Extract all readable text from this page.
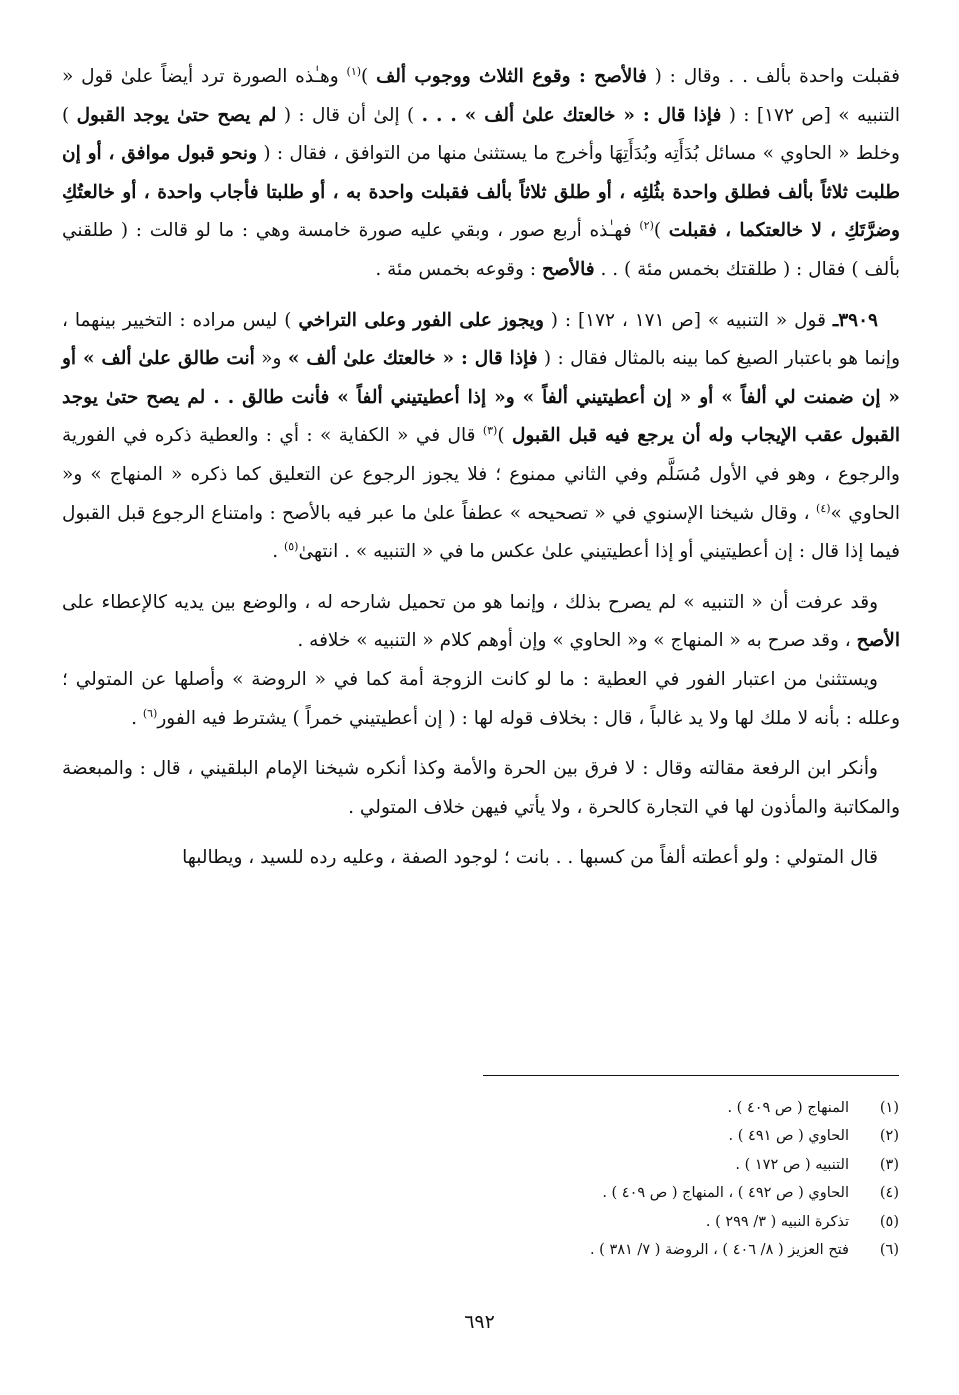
فقبلت واحدة بألف . . وقال : ( فالأصح : وقوع الثلاث ووجوب ألف )$^{(١)}$ وهـٰذه الصورة ترد أيضاً علىٰ قول « التنبيه » [ص ١٧٢] : ( فإذا قال : « خالعتك علىٰ ألف » . . . ) إلىٰ أن قال : ( لم يصح حتىٰ يوجد القبول ) وخلط « الحاوي » مسائل بُدَأَتِه وبُدَأَتِهَا وأخرج ما يستثنىٰ منها من التوافق ، فقال : ( ونحو قبول موافق ، أو إن طلبت ثلاثاً بألف فطلق واحدة بثُلثِه ، أو طلق ثلاثاً بألف فقبلت واحدة به ، أو طلبتا فأجاب واحدة ، أو خالعتُكِ وضرَّتَكِ ، لا خالعتكما ، فقبلت )$^{(٢)}$ فهـٰذه أربع صور ، وبقي عليه صورة خامسة وهي : ما لو قالت : ( طلقني بألف ) فقال : ( طلقتك بخمس مئة ) . . فالأصح : وقوعه بخمس مئة .

٣٩٠٩ـ قول « التنبيه » [ص ١٧١ ، ١٧٢] : ( ويجوز على الفور وعلى التراخي ) ليس مراده : التخيير بينهما ، وإنما هو باعتبار الصيغ كما بينه بالمثال فقال : ( فإذا قال : « خالعتك علىٰ ألف » و« أنت طالق علىٰ ألف » أو « إن ضمنت لي ألفاً » أو « إن أعطيتيني ألفاً » و« إذا أعطيتيني ألفاً » فأنت طالق . . لم يصح حتىٰ يوجد القبول عقب الإيجاب وله أن يرجع فيه قبل القبول )$^{(٣)}$ قال في « الكفاية » : أي : والعطية ذكره في الفورية والرجوع ، وهو في الأول مُسَلَّم وفي الثاني ممنوع ؛ فلا يجوز الرجوع عن التعليق كما ذكره « المنهاج » و« الحاوي »$^{(٤)}$ ، وقال شيخنا الإسنوي في « تصحيحه » عطفاً علىٰ ما عبر فيه بالأصح : وامتناع الرجوع قبل القبول فيما إذا قال : إن أعطيتيني أو إذا أعطيتيني علىٰ عكس ما في « التنبيه » . انتهىٰ$^{(٥)}$ .

وقد عرفت أن « التنبيه » لم يصرح بذلك ، وإنما هو من تحميل شارحه له ، والوضع بين يديه كالإعطاء على الأصح ، وقد صرح به « المنهاج » و« الحاوي » وإن أوهم كلام « التنبيه » خلافه .

ويستثنىٰ من اعتبار الفور في العطية : ما لو كانت الزوجة أمة كما في « الروضة » وأصلها عن المتولي ؛ وعلله : بأنه لا ملك لها ولا يد غالباً ، قال : بخلاف قوله لها : ( إن أعطيتيني خمراً ) يشترط فيه الفور$^{(٦)}$ .

وأنكر ابن الرفعة مقالته وقال : لا فرق بين الحرة والأمة وكذا أنكره شيخنا الإمام البلقيني ، قال : والمبعضة والمكاتبة والمأذون لها في التجارة كالحرة ، ولا يأتي فيهن خلاف المتولي .

قال المتولي : ولو أعطته ألفاً من كسبها . . بانت ؛ لوجود الصفة ، وعليه رده للسيد ، ويطالبها

(١)
المنهاج ( ص ٤٠٩ ) .
(٢)
الحاوي ( ص ٤٩١ ) .
(٣)
التنبيه ( ص ١٧٢ ) .
(٤)
الحاوي ( ص ٤٩٢ ) ، المنهاج ( ص ٤٠٩ ) .
(٥)
تذكرة النبيه ( ٣/ ٢٩٩ ) .
(٦)
فتح العزيز ( ٨/ ٤٠٦ ) ، الروضة ( ٧/ ٣٨١ ) .
٦٩٢
